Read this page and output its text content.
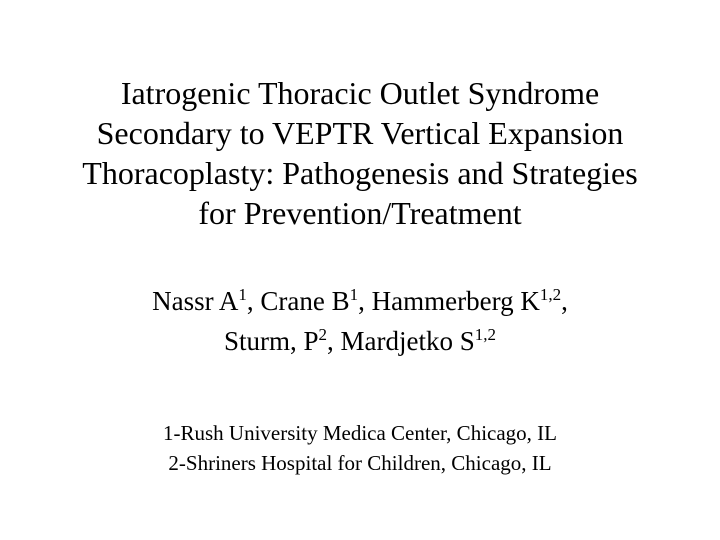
Iatrogenic Thoracic Outlet Syndrome
Secondary to VEPTR Vertical Expansion
Thoracoplasty: Pathogenesis and Strategies
for Prevention/Treatment
Nassr $A^1$, Crane $B^1$, Hammerberg K$^{1,2}$,
Sturm, $P^2$, Mardjetko S$^{1,2}$
1-Rush University Medica Center, Chicago, IL
2-Shriners Hospital for Children, Chicago, IL
